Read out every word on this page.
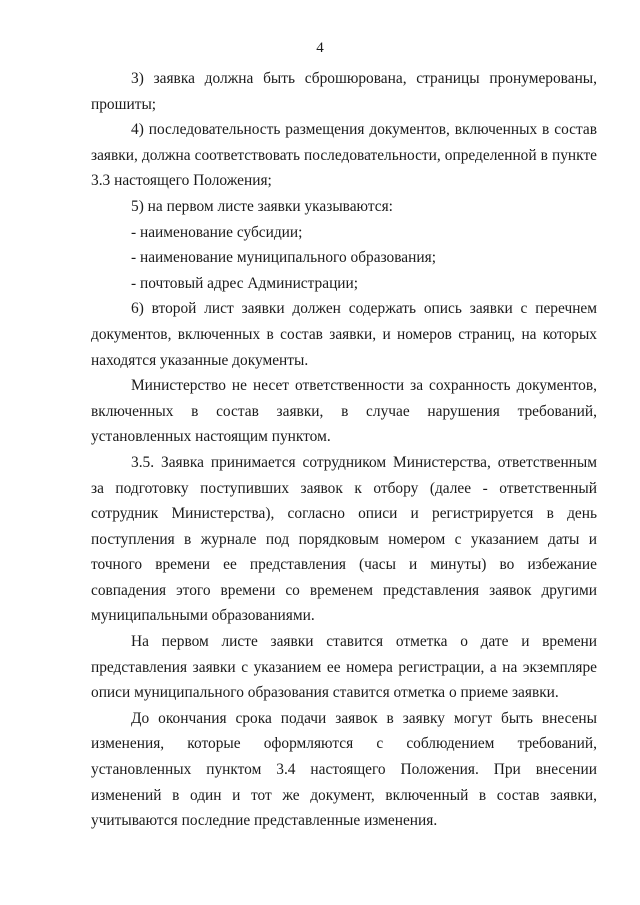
4

3) заявка должна быть сброшюрована, страницы пронумерованы, прошиты;

4) последовательность размещения документов, включенных в состав заявки, должна соответствовать последовательности, определенной в пункте 3.3 настоящего Положения;

5) на первом листе заявки указываются:

- наименование субсидии;

- наименование муниципального образования;

- почтовый адрес Администрации;

6) второй лист заявки должен содержать опись заявки с перечнем документов, включенных в состав заявки, и номеров страниц, на которых находятся указанные документы.

Министерство не несет ответственности за сохранность документов, включенных в состав заявки, в случае нарушения требований, установленных настоящим пунктом.

3.5. Заявка принимается сотрудником Министерства, ответственным за подготовку поступивших заявок к отбору (далее - ответственный сотрудник Министерства), согласно описи и регистрируется в день поступления в журнале под порядковым номером с указанием даты и точного времени ее представления (часы и минуты) во избежание совпадения этого времени со временем представления заявок другими муниципальными образованиями.

На первом листе заявки ставится отметка о дате и времени представления заявки с указанием ее номера регистрации, а на экземпляре описи муниципального образования ставится отметка о приеме заявки.

До окончания срока подачи заявок в заявку могут быть внесены изменения, которые оформляются с соблюдением требований, установленных пунктом 3.4 настоящего Положения. При внесении изменений в один и тот же документ, включенный в состав заявки, учитываются последние представленные изменения.
